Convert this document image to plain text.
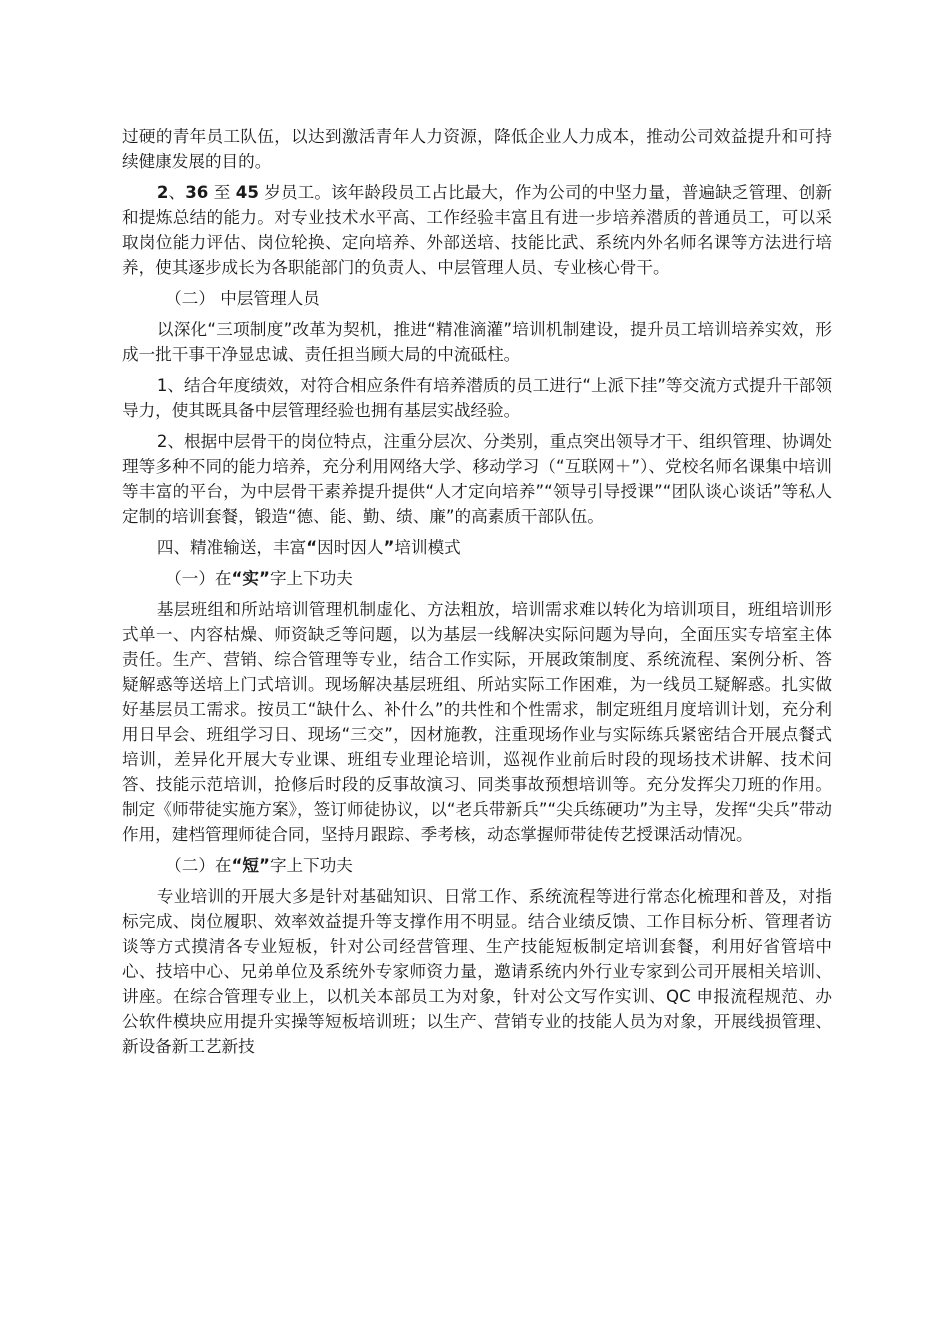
过硬的青年员工队伍，以达到激活青年人力资源，降低企业人力成本，推动公司效益提升和可持续健康发展的目的。

2、36 至 45 岁员工。该年龄段员工占比最大，作为公司的中坚力量，普遍缺乏管理、创新和提炼总结的能力。对专业技术水平高、工作经验丰富且有进一步培养潜质的普通员工，可以采取岗位能力评估、岗位轮换、定向培养、外部送培、技能比武、系统内外名师名课等方法进行培养，使其逐步成长为各职能部门的负责人、中层管理人员、专业核心骨干。

（二） 中层管理人员

以深化“三项制度”改革为契机，推进“精准滴灌”培训机制建设，提升员工培训培养实效，形成一批干事干净显忠诚、责任担当顾大局的中流砥柱。

1、结合年度绩效，对符合相应条件有培养潜质的员工进行“上派下挂”等交流方式提升干部领导力，使其既具备中层管理经验也拥有基层实战经验。

2、根据中层骨干的岗位特点，注重分层次、分类别，重点突出领导才干、组织管理、协调处理等多种不同的能力培养，充分利用网络大学、移动学习（“互联网＋”）、党校名师名课集中培训等丰富的平台，为中层骨干素养提升提供“人才定向培养”“领导引导授课”“团队谈心谈话”等私人定制的培训套餐，锻造“德、能、勤、绩、廉”的高素质干部队伍。

四、精准输送，丰富“因时因人”培训模式

（一）在“实”字上下功夫

基层班组和所站培训管理机制虚化、方法粗放，培训需求难以转化为培训项目，班组培训形式单一、内容枯燥、师资缺乏等问题，以为基层一线解决实际问题为导向，全面压实专培室主体责任。生产、营销、综合管理等专业，结合工作实际，开展政策制度、系统流程、案例分析、答疑解惑等送培上门式培训。现场解决基层班组、所站实际工作困难，为一线员工疑解惑。扎实做好基层员工需求。按员工“缺什么、补什么”的共性和个性需求，制定班组月度培训计划，充分利用日早会、班组学习日、现场“三交”，因材施教，注重现场作业与实际练兵紧密结合开展点餐式培训，差异化开展大专业课、班组专业理论培训，巡视作业前后时段的现场技术讲解、技术问答、技能示范培训，抢修后时段的反事故演习、同类事故预想培训等。充分发挥尖刀班的作用。制定《师带徒实施方案》，签订师徒协议，以“老兵带新兵”“尖兵练硬功”为主导，发挥“尖兵”带动作用，建档管理师徒合同，坚持月跟踪、季考核，动态掌握师带徒传艺授课活动情况。

（二）在“短”字上下功夫

专业培训的开展大多是针对基础知识、日常工作、系统流程等进行常态化梳理和普及，对指标完成、岗位履职、效率效益提升等支撑作用不明显。结合业绩反馈、工作目标分析、管理者访谈等方式摸清各专业短板，针对公司经营管理、生产技能短板制定培训套餐，利用好省管培中心、技培中心、兄弟单位及系统外专家师资力量，邀请系统内外行业专家到公司开展相关培训、讲座。在综合管理专业上，以机关本部员工为对象，针对公文写作实训、QC 申报流程规范、办公软件模块应用提升实操等短板培训班；以生产、营销专业的技能人员为对象，开展线损管理、新设备新工艺新技
